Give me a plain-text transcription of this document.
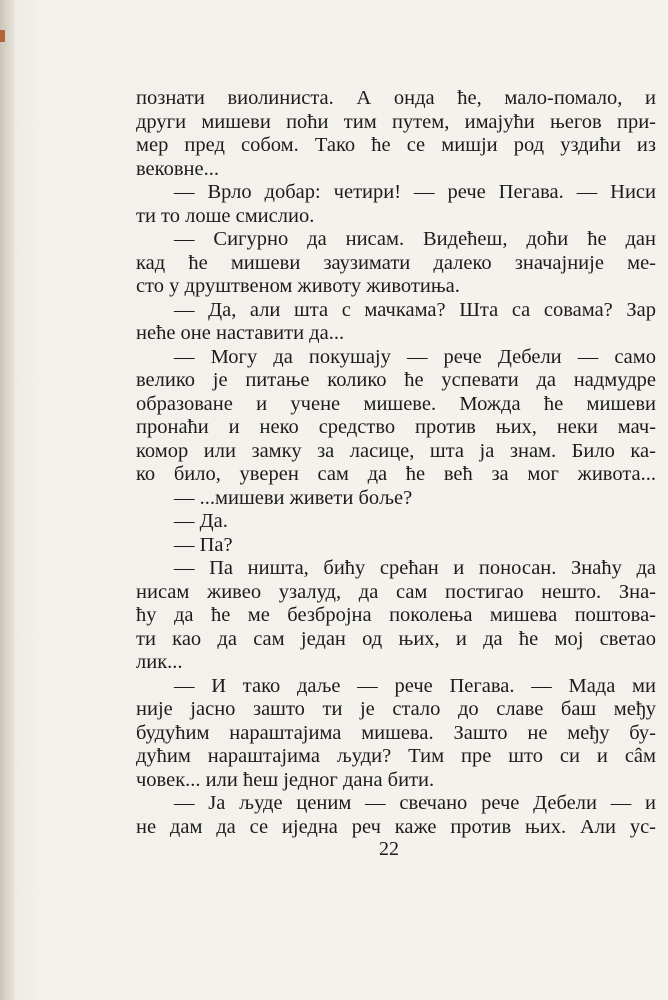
познати виолиниста. А онда ће, мало-помало, и
други мишеви поћи тим путем, имајући његов при-
мер пред собом. Тако ће се мишји род уздићи из
вековне...
— Врло добар: четири! — рече Пегава. — Ниси
ти то лоше смислио.
— Сигурно да нисам. Видећеш, доћи ће дан
кад ће мишеви заузимати далеко значајније ме-
сто у друштвеном животу животиња.
— Да, али шта с мачкама? Шта са совама? Зар
неће оне наставити да...
— Могу да покушају — рече Дебели — само
велико је питање колико ће успевати да надмудре
образоване и учене мишеве. Можда ће мишеви
пронаћи и неко средство против њих, неки мач-
комор или замку за ласице, шта ја знам. Било ка-
ко било, уверен сам да ће већ за мог живота...
— ...мишеви живети боље?
— Да.
— Па?
— Па ништа, бићу срећан и поносан. Знаћу да
нисам живео узалуд, да сам постигао нешто. Зна-
ћу да ће ме безбројна поколења мишева поштова-
ти као да сам један од њих, и да ће мој светао
лик...
— И тако даље — рече Пегава. — Мада ми
није јасно зашто ти је стало до славе баш међу
будућим нараштајима мишева. Зашто не међу бу-
дућим нараштајима људи? Тим пре што си и сâм
човек... или ћеш једног дана бити.
— Ја људе ценим — свечано рече Дебели — и
не дам да се иједна реч каже против њих. Али ус-
22
